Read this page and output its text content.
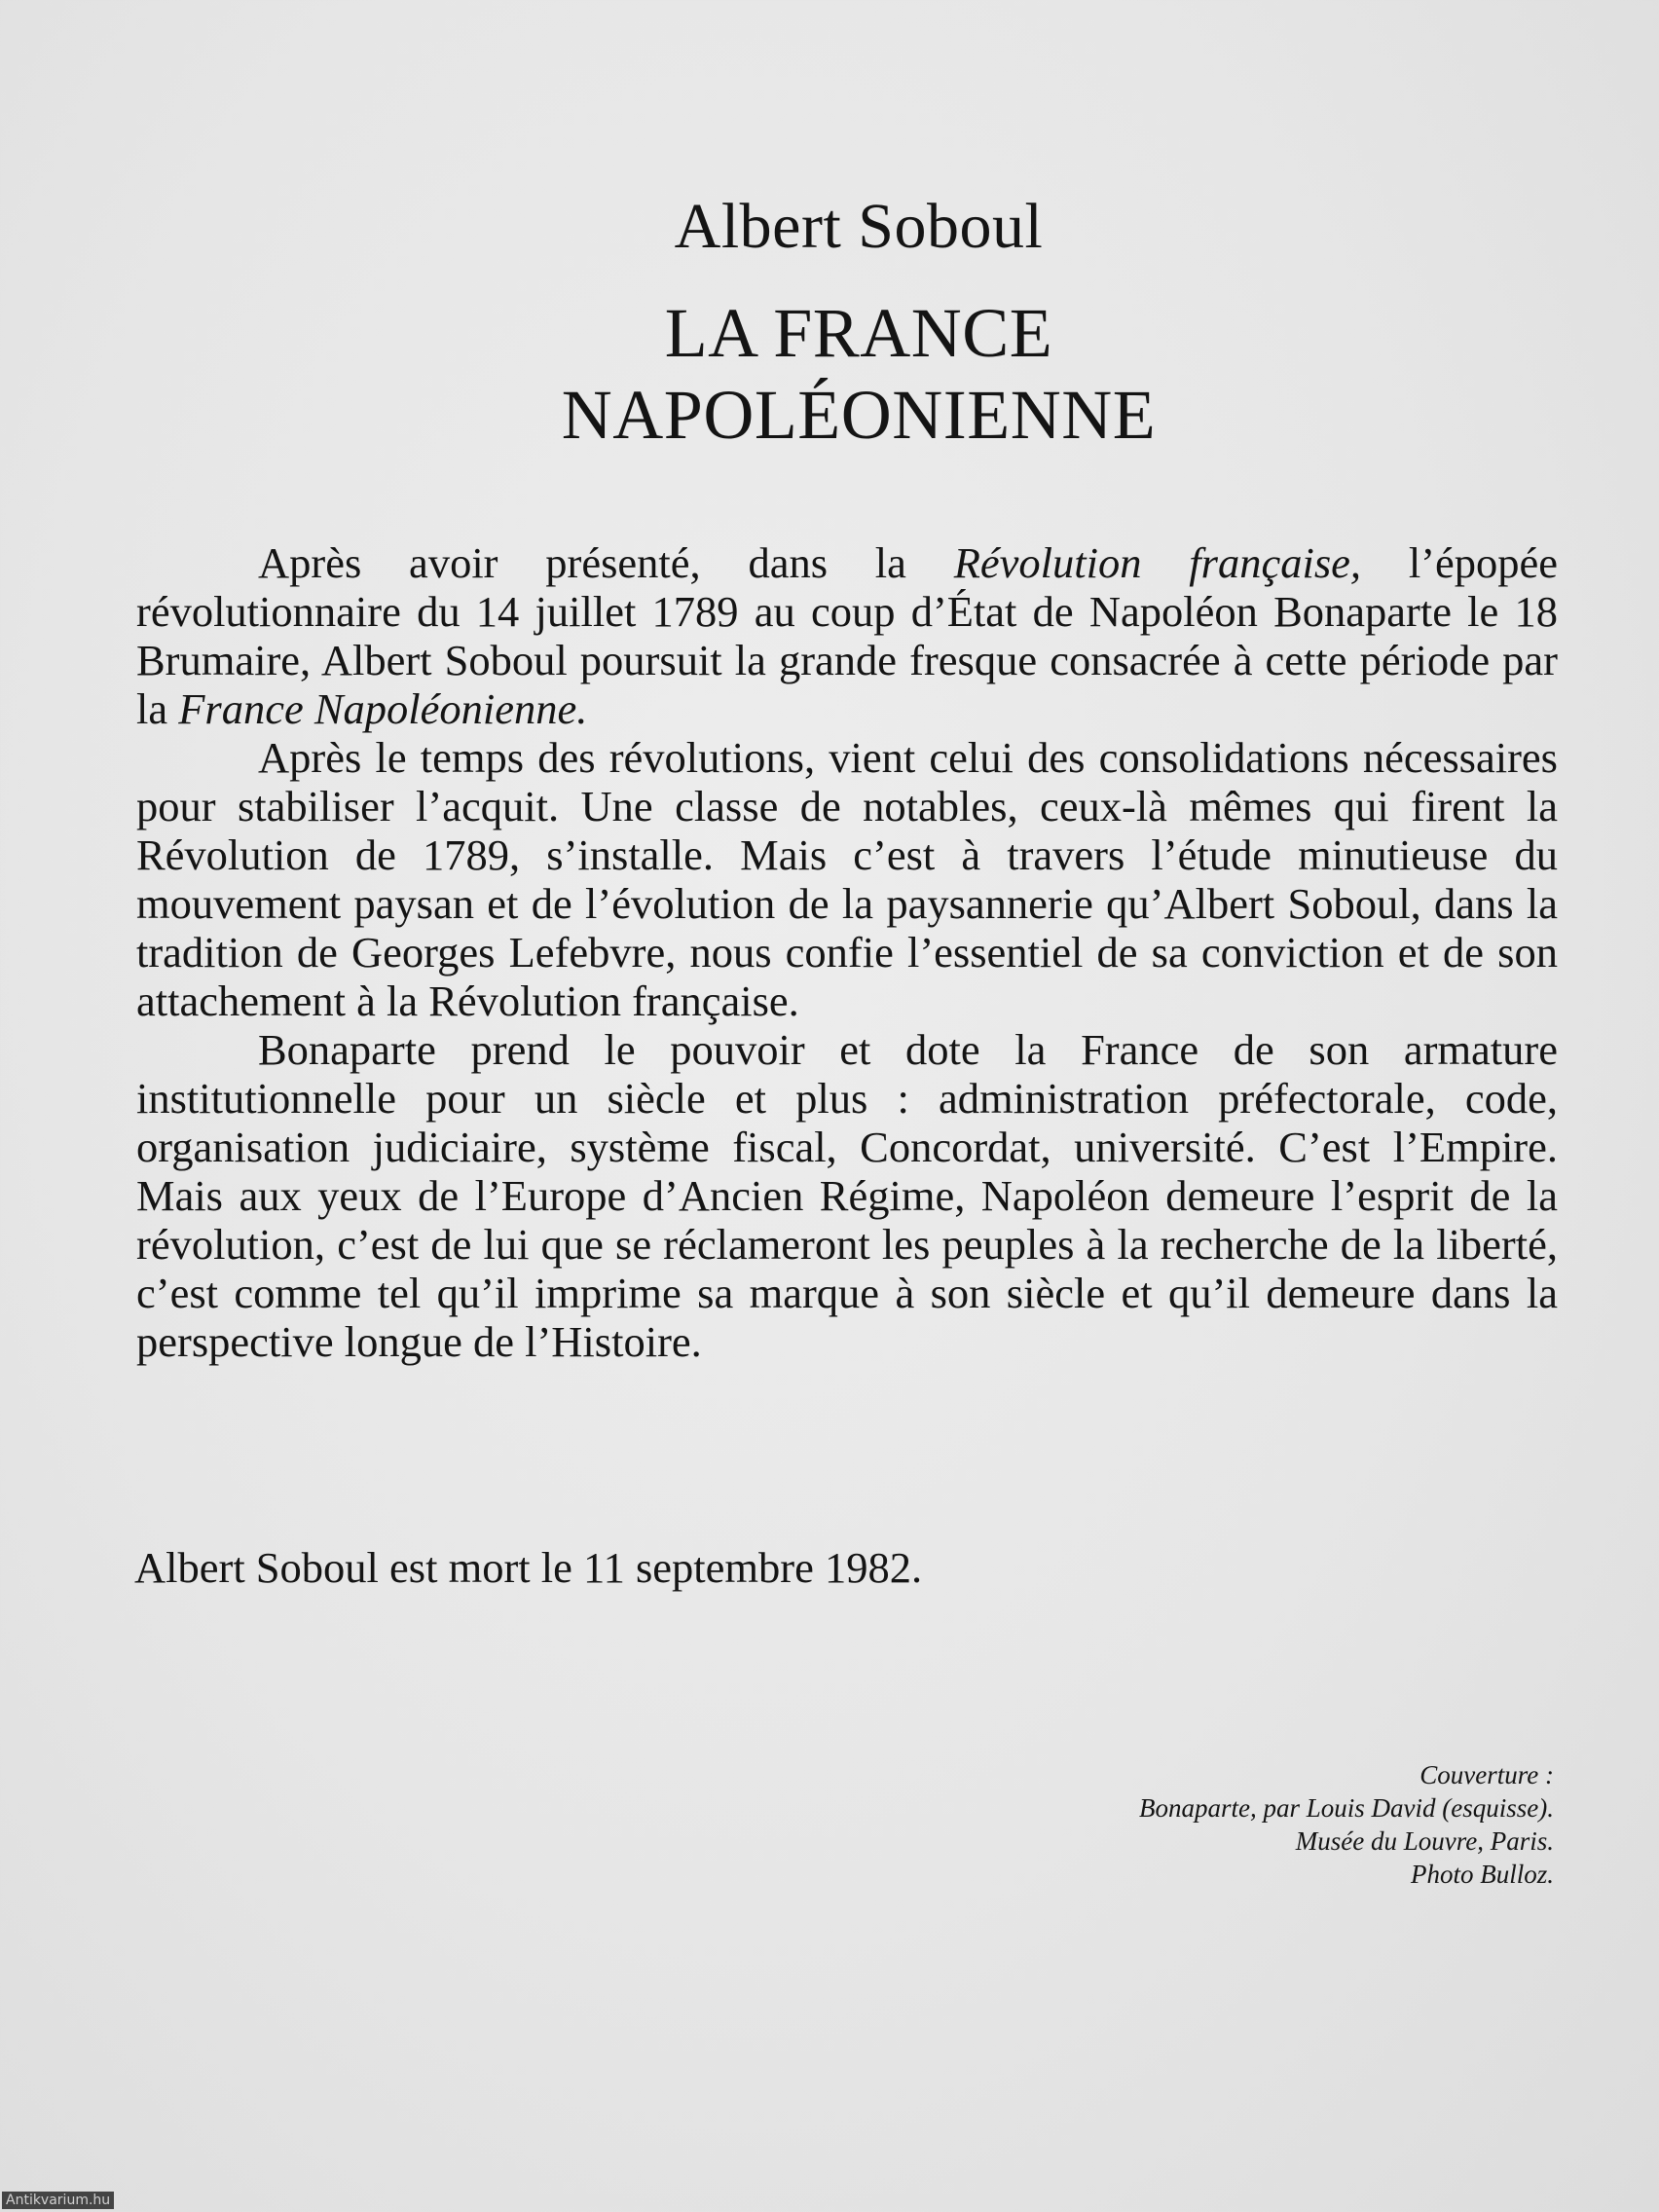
Albert Soboul
LA FRANCE
NAPOLÉONIENNE

Après avoir présenté, dans la Révolution française, l’épopée révolutionnaire du 14 juillet 1789 au coup d’État de Napoléon Bonaparte le 18 Brumaire, Albert Soboul poursuit la grande fresque consacrée à cette période par la France Napoléonienne.

Après le temps des révolutions, vient celui des consolidations nécessaires pour stabiliser l’acquit. Une classe de notables, ceux-là mêmes qui firent la Révolution de 1789, s’installe. Mais c’est à travers l’étude minutieuse du mouvement paysan et de l’évolution de la paysannerie qu’Albert Soboul, dans la tradition de Georges Lefebvre, nous confie l’essentiel de sa conviction et de son attachement à la Révolution française.

Bonaparte prend le pouvoir et dote la France de son armature institutionnelle pour un siècle et plus : administration préfectorale, code, organisation judiciaire, système fiscal, Concordat, université. C’est l’Empire. Mais aux yeux de l’Europe d’Ancien Régime, Napoléon demeure l’esprit de la révolution, c’est de lui que se réclameront les peuples à la recherche de la liberté, c’est comme tel qu’il imprime sa marque à son siècle et qu’il demeure dans la perspective longue de l’Histoire.

Albert Soboul est mort le 11 septembre 1982.
Couverture :
Bonaparte, par Louis David (esquisse).
Musée du Louvre, Paris.
Photo Bulloz.
Antikvarium.hu
